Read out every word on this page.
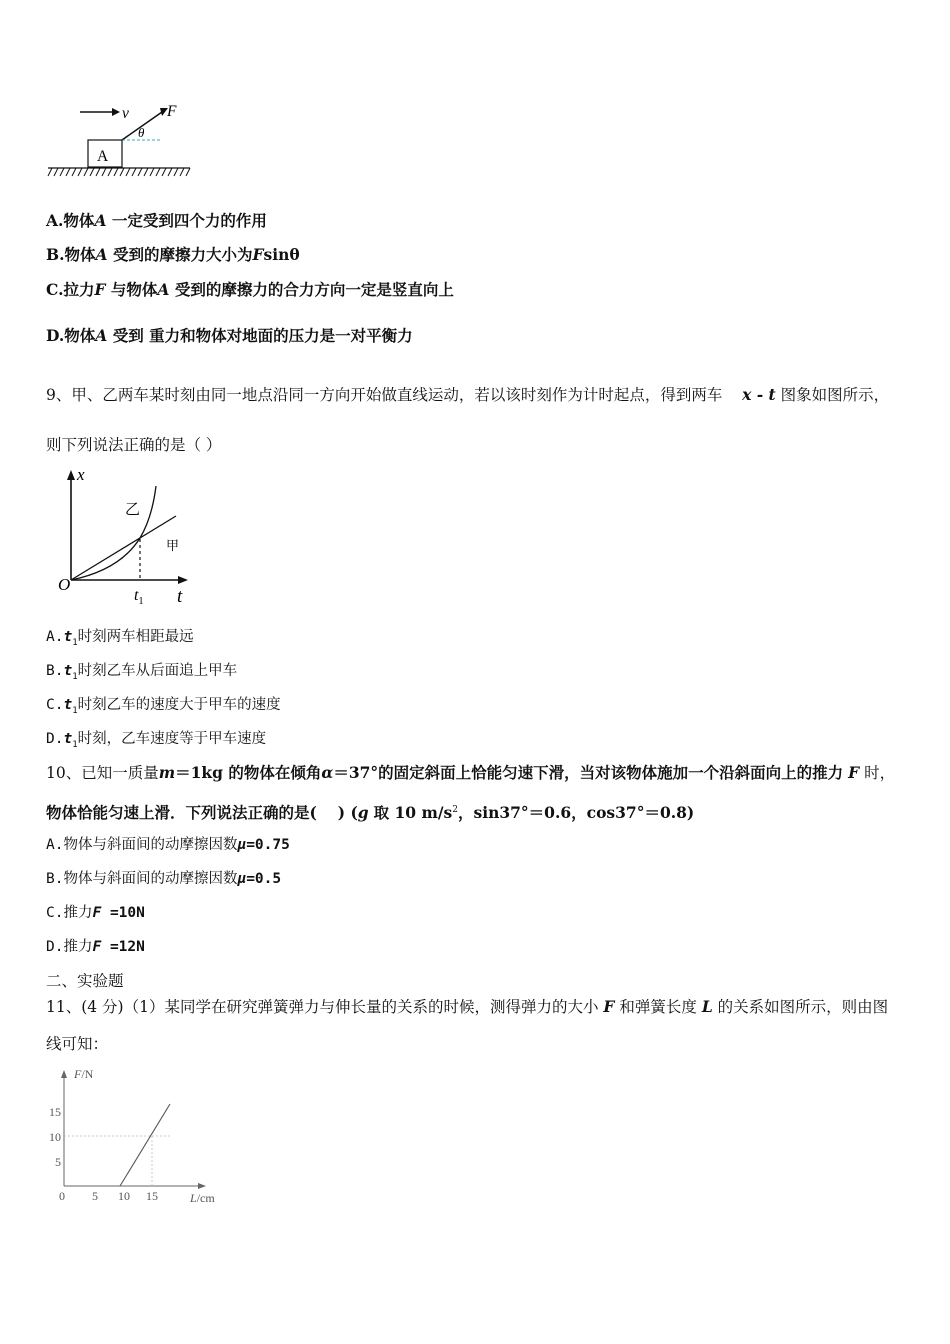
v F
θ
A
A.物体A 一定受到四个力的作用
B.物体A 受到的摩擦力大小为Fsinθ
C.拉力F 与物体A 受到的摩擦力的合力方向一定是竖直向上
D.物体A 受到 重力和物体对地面的压力是一对平衡力
9、甲、乙两车某时刻由同一地点沿同一方向开始做直线运动，若以该时刻作为计时起点，得到两车 x - t 图象如图所示，
则下列说法正确的是（ ）
x
t
O
乙
甲
$t_1$
$A.t_1$时刻两车相距最远
$B.t_1$时刻乙车从后面追上甲车
$C.t_1$时刻乙车的速度大于甲车的速度
$D.t_1$时刻，乙车速度等于甲车速度
10、已知一质量m＝1kg 的物体在倾角α＝37°的固定斜面上恰能匀速下滑，当对该物体施加一个沿斜面向上的推力 F 时，
物体恰能匀速上滑．下列说法正确的是(　 ) (g 取 10 $m/s^2$，sin37°＝0.6，cos37°＝0.8)
A.物体与斜面间的动摩擦因数μ=0.75
B.物体与斜面间的动摩擦因数μ=0.5
C.推力F =10N
D.推力F =12N
二、实验题
11、(4 分)（1）某同学在研究弹簧弹力与伸长量的关系的时候，测得弹力的大小 F 和弹簧长度 L 的关系如图所示，则由图
线可知：
F/N
L/cm
15
10
5
0 5 10 15
